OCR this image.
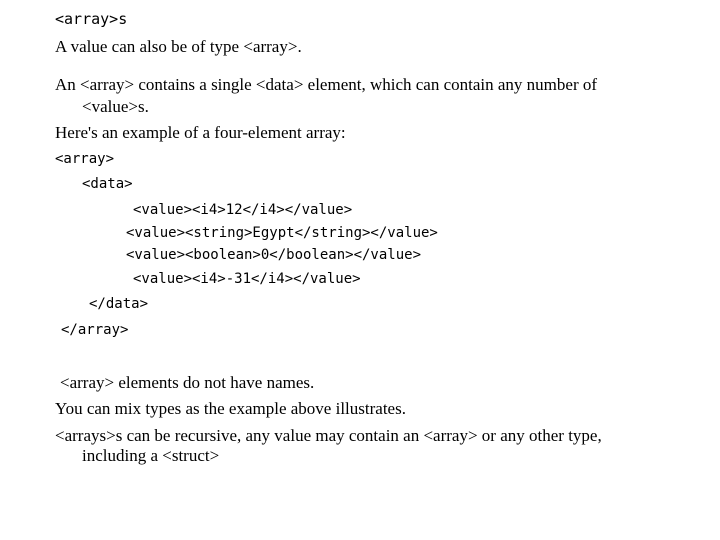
<array>s
A value can also be of type <array>.
An <array> contains a single <data> element, which can contain any number of
<value>s.
Here's an example of a four-element array:
<array>
<data>
<value><i4>12</i4></value>
<value><string>Egypt</string></value>
<value><boolean>0</boolean></value>
<value><i4>-31</i4></value>
</data>
</array>
<array> elements do not have names.
You can mix types as the example above illustrates.
<arrays>s can be recursive, any value may contain an <array> or any other type,
including a <struct>
